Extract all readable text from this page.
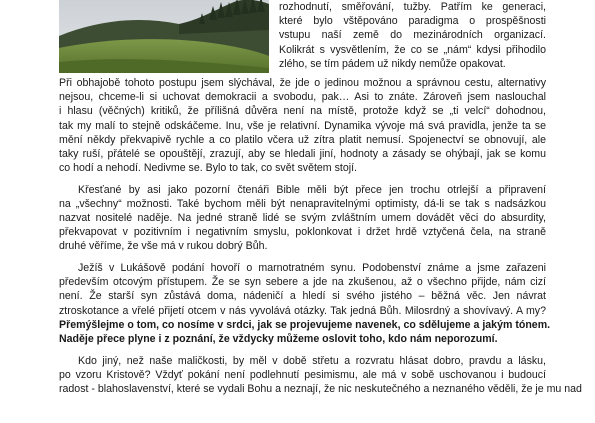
rozhodnutí, směřování, tužby. Patřím ke generaci,
které bylo vštěpováno paradigma o prospěšnosti
vstupu naší země do mezinárodních organizací.
Kolikrát s vysvětlením, že co se „nám“ kdysi přihodilo
zlého, se tím pádem už nikdy nemůže opakovat.
Při obhajobě tohoto postupu jsem slýchával, že jde o jedinou možnou a správnou cestu, alternativy
nejsou, chceme-li si uchovat demokracii a svobodu, pak… Asi to znáte. Zároveň jsem naslouchal
i hlasu (věčných) kritiků, že přílišná důvěra není na místě, protože když se „ti velcí“ dohodnou,
tak my malí to stejně odskáčeme. Inu, vše je relativní. Dynamika vývoje má svá pravidla, jenže ta se
mění někdy překvapivě rychle a co platilo včera už zítra platit nemusí. Spojenectví se obnovují, ale
taky ruší, přátelé se opouštějí, zrazují, aby se hledali jiní, hodnoty a zásady se ohýbají, jak se komu
co hodí a nehodí. Nedivme se. Bylo to tak, co svět světem stojí.
Křesťané by asi jako pozorní čtenáři Bible měli být přece jen trochu otrlejší a připravení
na „všechny“ možnosti. Také bychom měli být nenapravitelnými optimisty, dá-li se tak s nadsázkou
nazvat nositelé naděje. Na jedné straně lidé se svým zvláštním umem dovádět věci do absurdity,
překvapovat v pozitivním i negativním smyslu, poklonkovat i držet hrdě vztyčená čela, na straně
druhé věříme, že vše má v rukou dobrý Bůh.
Ježíš v Lukášově podání hovoří o marnotratném synu. Podobenství známe a jsme zařazeni
především otcovým přístupem. Že se syn sebere a jde na zkušenou, až o všechno přijde, nám cizí
není. Že starší syn zůstává doma, nádeničí a hledí si svého jistého – běžná věc. Jen návrat
ztroskotance a vřelé přijetí otcem v nás vyvolává otázky. Tak jedná Bůh. Milosrdný a shovívavý. A my?
Přemýšlejme o tom, co nosíme v srdci, jak se projevujeme navenek, co sdělujeme a jakým tónem.
Naděje přece plyne i z poznání, že vždycky můžeme oslovit toho, kdo nám neporozumí.
Kdo jiný, než naše maličkosti, by měl v době střetu a rozvratu hlásat dobro, pravdu a lásku,
po vzoru Kristově? Vždyť pokání není podlehnutí pesimismu, ale má v sobě uschovanou i budoucí
radost - blahoslavenství, které se vydali Bohu a neznají, že nic neskutečného a neznaného věděli, že je mu nad
